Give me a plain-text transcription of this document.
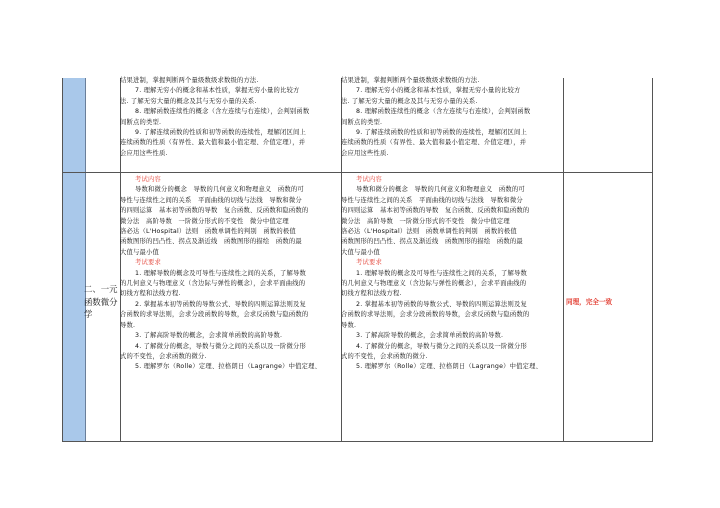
二、一元
函数微分
学

结果进制，掌握判断两个量级数级求数级的方法.

7. 理解无穷小的概念和基本性质，掌握无穷小量的比较方

法. 了解无穷大量的概念及其与无穷小量的关系.

8. 理解函数连续性的概念（含左连续与右连续），会判别函数

间断点的类型.

9. 了解连续函数的性质和初等函数的连续性，理解闭区间上

连续函数的性质（有界性、最大值和最小值定理、介值定理），并

会应用这些性质.

考试内容

导数和微分的概念　导数的几何意义和物理意义　函数的可

导性与连续性之间的关系　平面曲线的切线与法线　导数和微分

的四则运算　基本初等函数的导数　复合函数、反函数和隐函数的

微分法　高阶导数　一阶微分形式的不变性　微分中值定理

洛必达（L'Hospital）法则　函数单调性的判别　函数的极值

函数图形的凹凸性、拐点及渐近线　函数图形的描绘　函数的最

大值与最小值

考试要求

1. 理解导数的概念及可导性与连续性之间的关系，了解导数

的几何意义与物理意义（含边际与弹性的概念），会求平面曲线的

切线方程和法线方程.

2. 掌握基本初等函数的导数公式、导数的四则运算法则及复

合函数的求导法则，会求分段函数的导数，会求反函数与隐函数的

导数.

3. 了解高阶导数的概念，会求简单函数的高阶导数.

4. 了解微分的概念，导数与微分之间的关系以及一阶微分形

式的不变性，会求函数的微分.

5. 理解罗尔（Rolle）定理、拉格朗日（Lagrange）中值定理、

结果进制，掌握判断两个量级数级求数级的方法.

7. 理解无穷小的概念和基本性质，掌握无穷小量的比较方

法. 了解无穷大量的概念及其与无穷小量的关系.

8. 理解函数连续性的概念（含左连续与右连续），会判别函数

间断点的类型.

9. 了解连续函数的性质和初等函数的连续性，理解闭区间上

连续函数的性质（有界性、最大值和最小值定理、介值定理），并

会应用这些性质.

考试内容

导数和微分的概念　导数的几何意义和物理意义　函数的可

导性与连续性之间的关系　平面曲线的切线与法线　导数和微分

的四则运算　基本初等函数的导数　复合函数、反函数和隐函数的

微分法　高阶导数　一阶微分形式的不变性　微分中值定理

洛必达（L'Hospital）法则　函数单调性的判别　函数的极值

函数图形的凹凸性、拐点及渐近线　函数图形的描绘　函数的最

大值与最小值

考试要求

1. 理解导数的概念及可导性与连续性之间的关系，了解导数

的几何意义与物理意义（含边际与弹性的概念），会求平面曲线的

切线方程和法线方程.

2. 掌握基本初等函数的导数公式、导数的四则运算法则及复

合函数的求导法则，会求分段函数的导数，会求反函数与隐函数的

导数.

3. 了解高阶导数的概念，会求简单函数的高阶导数.

4. 了解微分的概念，导数与微分之间的关系以及一阶微分形

式的不变性，会求函数的微分.

5. 理解罗尔（Rolle）定理、拉格朗日（Lagrange）中值定理、

同理，完全一致
